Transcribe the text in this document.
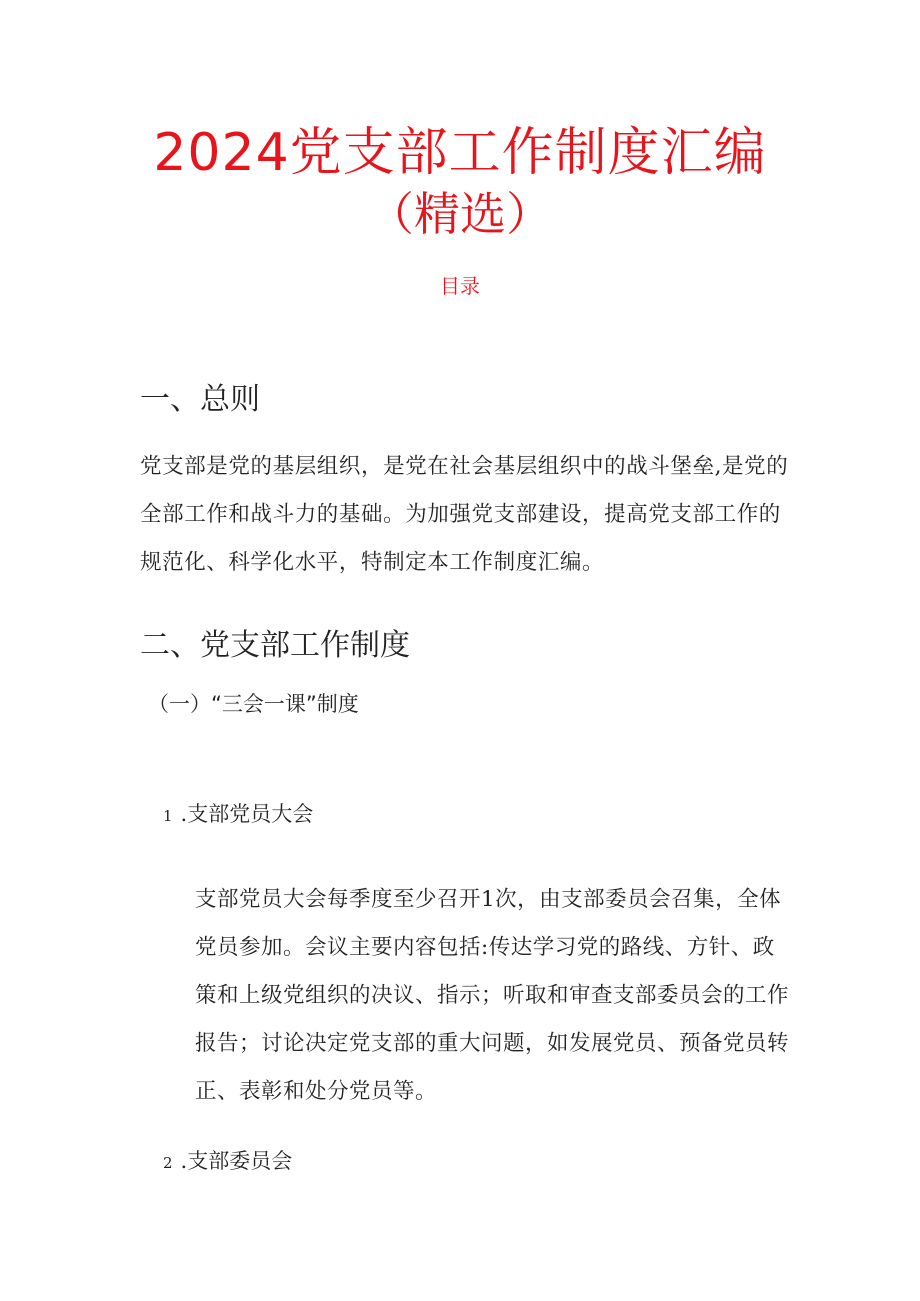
2024党支部工作制度汇编
（精选）
目录
一、总则

党支部是党的基层组织，是党在社会基层组织中的战斗堡垒,是党的全部工作和战斗力的基础。为加强党支部建设，提高党支部工作的规范化、科学化水平，特制定本工作制度汇编。

二、党支部工作制度
（一）“三会一课”制度
1 .支部党员大会

支部党员大会每季度至少召开1次，由支部委员会召集，全体党员参加。会议主要内容包括:传达学习党的路线、方针、政策和上级党组织的决议、指示；听取和审查支部委员会的工作报告；讨论决定党支部的重大问题，如发展党员、预备党员转正、表彰和处分党员等。

2 .支部委员会
